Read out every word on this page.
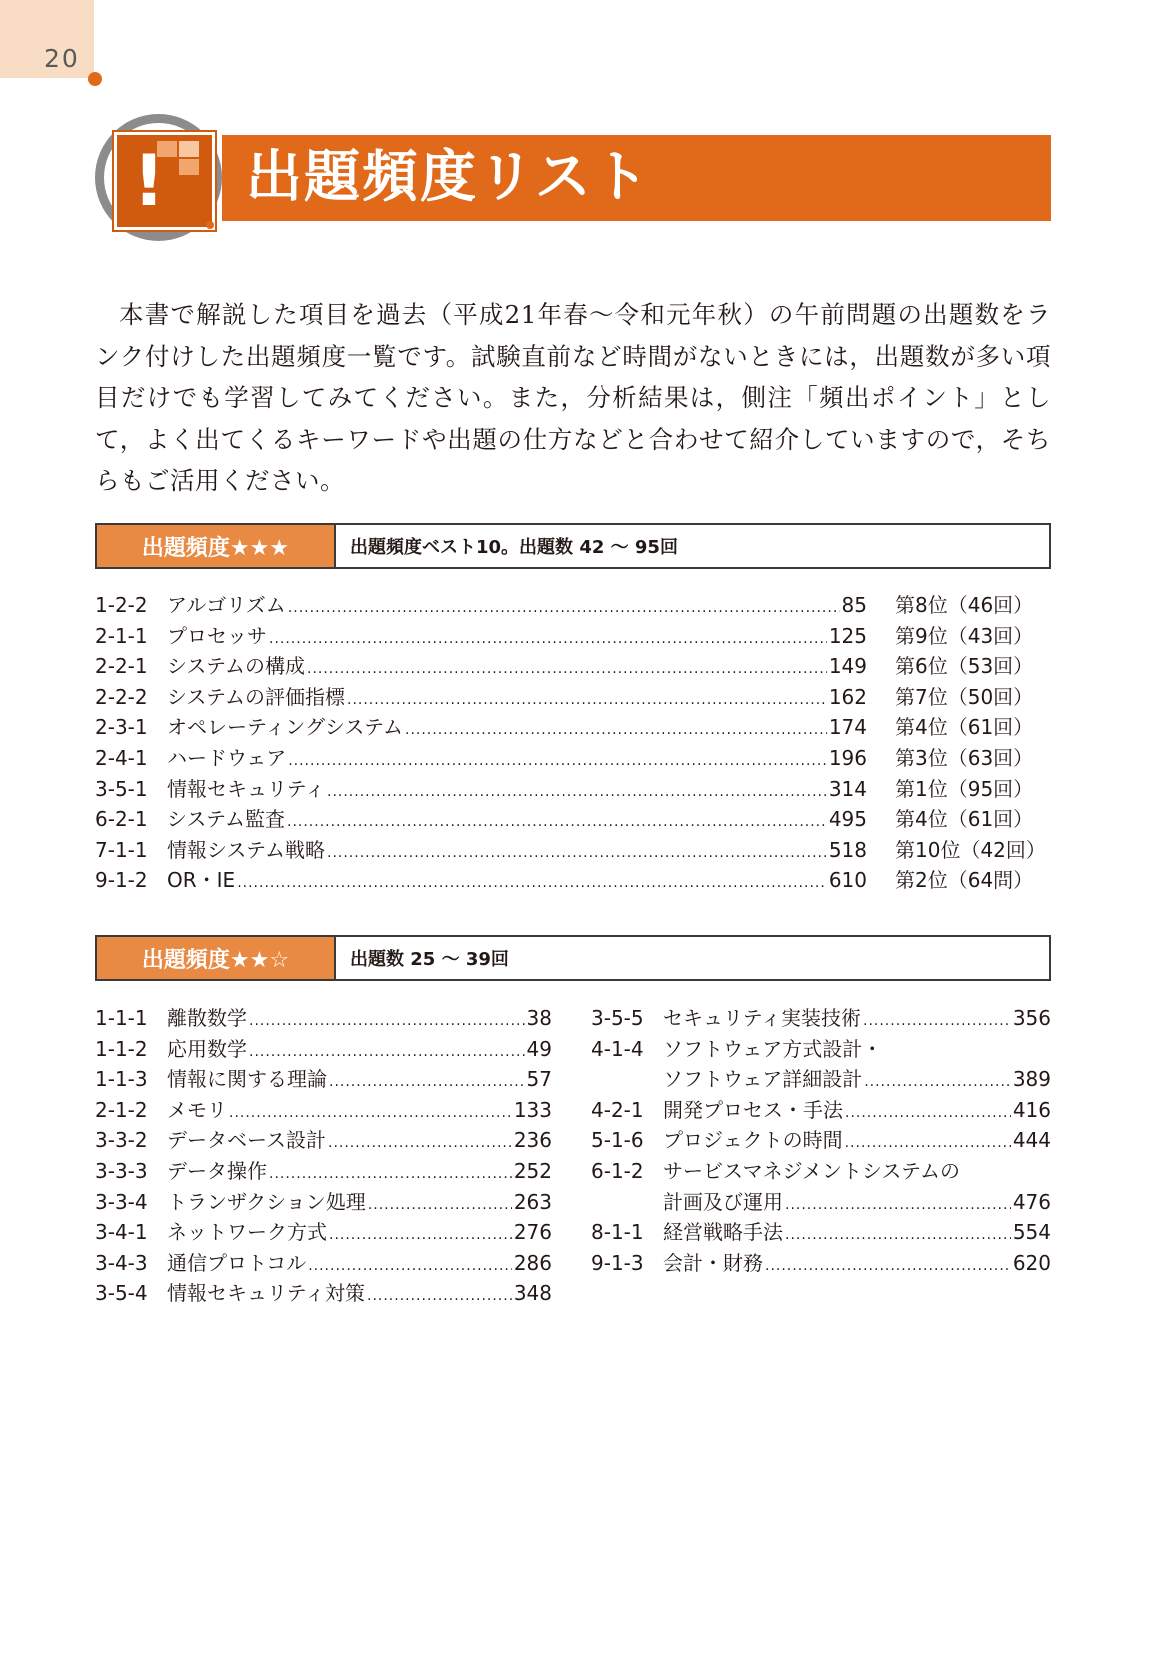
20
! 出題頻度リスト
本書で解説した項目を過去（平成21年春〜令和元年秋）の午前問題の出題数をランク付けした出題頻度一覧です。試験直前など時間がないときには，出題数が多い項目だけでも学習してみてください。また，分析結果は，側注「頻出ポイント」として，よく出てくるキーワードや出題の仕方などと合わせて紹介していますので，そちらもご活用ください。
出題頻度★★★	出題頻度ベスト10。出題数 42 〜 95回
1-2-2 アルゴリズム .....	85	第8位（46回）
2-1-1 プロセッサ .....	125	第9位（43回）
2-2-1 システムの構成 .....	149	第6位（53回）
2-2-2 システムの評価指標 .....	162	第7位（50回）
2-3-1 オペレーティングシステム .....	174	第4位（61回）
2-4-1 ハードウェア .....	196	第3位（63回）
3-5-1 情報セキュリティ .....	314	第1位（95回）
6-2-1 システム監査 .....	495	第4位（61回）
7-1-1 情報システム戦略 .....	518	第10位（42回）
9-1-2 OR・IE .....	610	第2位（64問）
出題頻度★★☆	出題数 25 〜 39回
1-1-1 離散数学 .....	38
1-1-2 応用数学 .....	49
1-1-3 情報に関する理論 .....	57
2-1-2 メモリ .....	133
3-3-2 データベース設計 .....	236
3-3-3 データ操作 .....	252
3-3-4 トランザクション処理 .....	263
3-4-1 ネットワーク方式 .....	276
3-4-3 通信プロトコル .....	286
3-5-4 情報セキュリティ対策 .....	348
3-5-5 セキュリティ実装技術 .....	356
4-1-4 ソフトウェア方式設計・
ソフトウェア詳細設計 .....	389
4-2-1 開発プロセス・手法 .....	416
5-1-6 プロジェクトの時間 .....	444
6-1-2 サービスマネジメントシステムの
計画及び運用 .....	476
8-1-1 経営戦略手法 .....	554
9-1-3 会計・財務 .....	620
